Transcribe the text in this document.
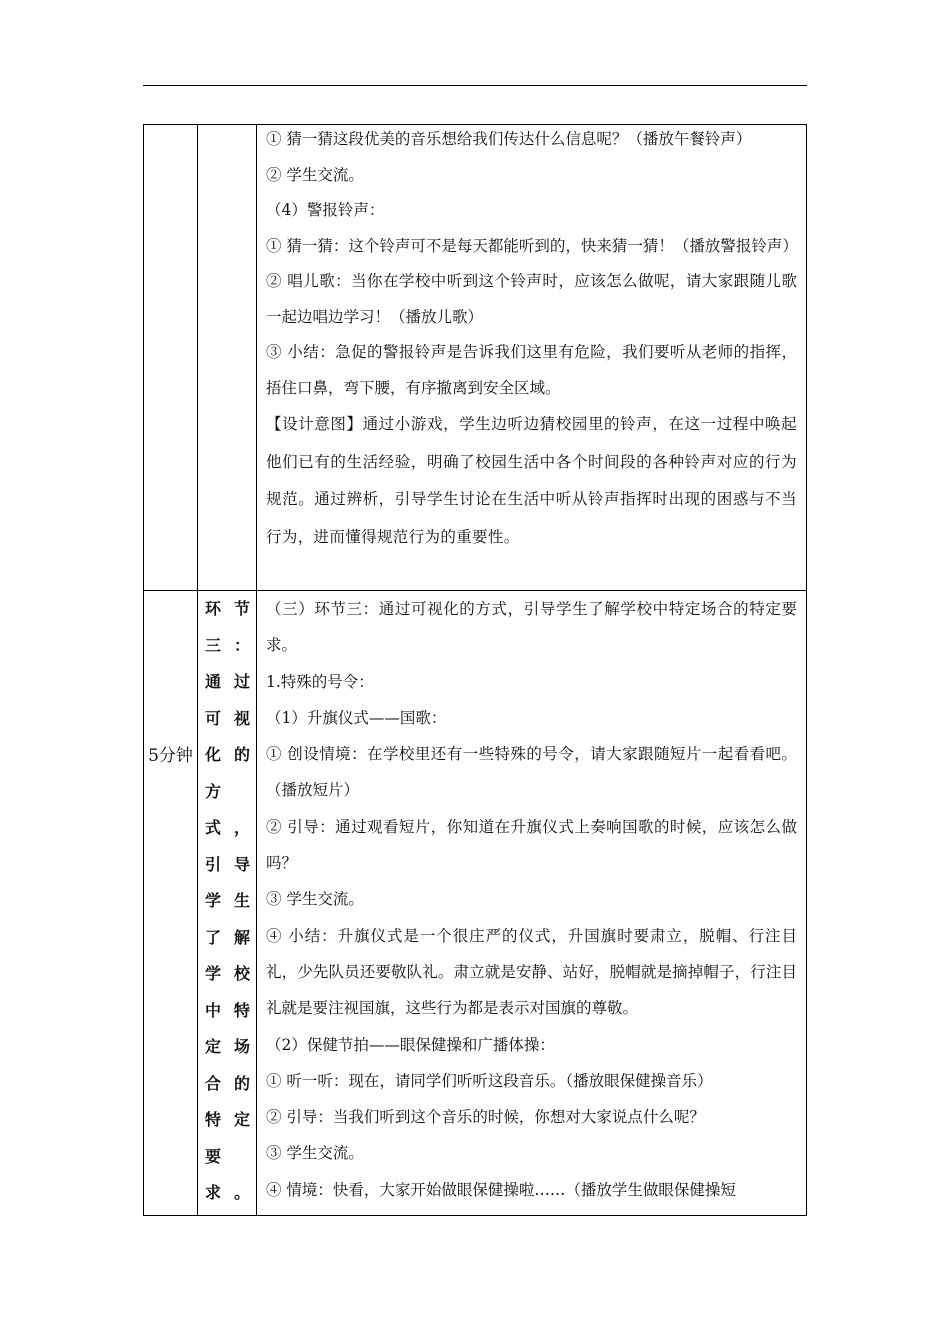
① 猜一猜这段优美的音乐想给我们传达什么信息呢？（播放午餐铃声）

② 学生交流。

（4）警报铃声：

① 猜一猜：这个铃声可不是每天都能听到的，快来猜一猜！（播放警报铃声）

② 唱儿歌：当你在学校中听到这个铃声时，应该怎么做呢，请大家跟随儿歌一起边唱边学习！（播放儿歌）

③ 小结：急促的警报铃声是告诉我们这里有危险，我们要听从老师的指挥，捂住口鼻，弯下腰，有序撤离到安全区域。

【设计意图】通过小游戏，学生边听边猜校园里的铃声，在这一过程中唤起他们已有的生活经验，明确了校园生活中各个时间段的各种铃声对应的行为规范。通过辨析，引导学生讨论在生活中听从铃声指挥时出现的困惑与不当行为，进而懂得规范行为的重要性。

5分钟
环节三：通过可视化的方式，引导学生了解学校中特定场合的特定要求。

（三）环节三：通过可视化的方式，引导学生了解学校中特定场合的特定要求。

1.特殊的号令：

（1）升旗仪式——国歌：

① 创设情境：在学校里还有一些特殊的号令，请大家跟随短片一起看看吧。（播放短片）

② 引导：通过观看短片，你知道在升旗仪式上奏响国歌的时候，应该怎么做吗？

③ 学生交流。

④ 小结：升旗仪式是一个很庄严的仪式，升国旗时要肃立，脱帽、行注目礼，少先队员还要敬队礼。肃立就是安静、站好，脱帽就是摘掉帽子，行注目礼就是要注视国旗，这些行为都是表示对国旗的尊敬。

（2）保健节拍——眼保健操和广播体操：

① 听一听：现在，请同学们听听这段音乐。（播放眼保健操音乐）

② 引导：当我们听到这个音乐的时候，你想对大家说点什么呢？

③ 学生交流。

④ 情境：快看，大家开始做眼保健操啦……（播放学生做眼保健操短
